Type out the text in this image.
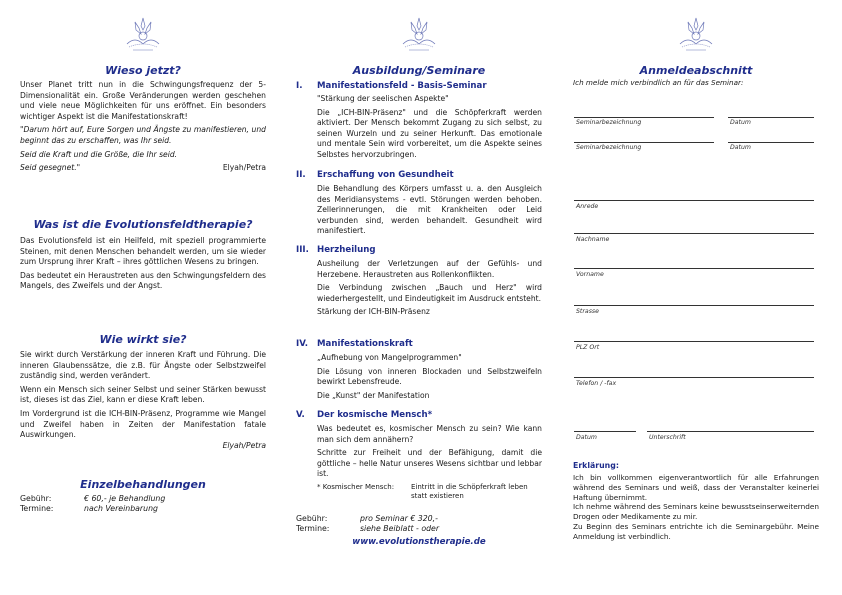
Wieso jetzt?

Unser Planet tritt nun in die Schwingungsfrequenz der 5-Dimensionalität ein. Große Veränderungen werden geschehen und viele neue Möglichkeiten für uns eröffnet. Ein besonders wichtiger Aspekt ist die Manifestationskraft!

"Darum hört auf, Eure Sorgen und Ängste zu manifestieren, und beginnt das zu erschaffen, was Ihr seid.

Seid die Kraft und die Größe, die Ihr seid.

Seid gesegnet."	Elyah/Petra
Was ist die Evolutionsfeldtherapie?

Das Evolutionsfeld ist ein Heilfeld, mit speziell programmierte Steinen, mit denen Menschen behandelt werden, um sie wieder zum Ursprung ihrer Kraft – ihres göttlichen Wesens zu bringen.

Das bedeutet ein Heraustreten aus den Schwingungsfeldern des Mangels, des Zweifels und der Angst.

Wie wirkt sie?

Sie wirkt durch Verstärkung der inneren Kraft und Führung. Die inneren Glaubenssätze, die z.B. für Ängste oder Selbstzweifel zuständig sind, werden verändert.

Wenn ein Mensch sich seiner Selbst und seiner Stärken bewusst ist, dieses ist das Ziel, kann er diese Kraft leben.

Im Vordergrund ist die ICH-BIN-Präsenz, Programme wie Mangel und Zweifel haben in Zeiten der Manifestation fatale Auswirkungen.

Elyah/Petra

Einzelbehandlungen
Gebühr:	€ 60,- je Behandlung
Termine:	nach Vereinbarung
Ausbildung/Seminare
I.	Manifestationsfeld - Basis-Seminar

"Stärkung der seelischen Aspekte"

Die „ICH-BIN-Präsenz" und die Schöpferkraft werden aktiviert. Der Mensch bekommt Zugang zu sich selbst, zu seinen Wurzeln und zu seiner Herkunft. Das emotionale und mentale Sein wird vorbereitet, um die Aspekte seines Selbstes hervorzubringen.

II.	Erschaffung von Gesundheit

Die Behandlung des Körpers umfasst u. a. den Ausgleich des Meridiansystems - evtl. Störungen werden behoben. Zellerinnerungen, die mit Krankheiten oder Leid verbunden sind, werden behandelt. Gesundheit wird manifestiert.

III. Herzheilung

Ausheilung der Verletzungen auf der Gefühls- und Herzebene. Heraustreten aus Rollenkonflikten.

Die Verbindung zwischen „Bauch und Herz" wird wiederhergestellt, und Eindeutigkeit im Ausdruck entsteht.

Stärkung der ICH-BIN-Präsenz

IV.	Manifestationskraft

„Aufhebung von Mangelprogrammen"

Die Lösung von inneren Blockaden und Selbstzweifeln bewirkt Lebensfreude.

Die „Kunst" der Manifestation

V.	Der kosmische Mensch*

Was bedeutet es, kosmischer Mensch zu sein? Wie kann man sich dem annähern?

Schritte zur Freiheit und der Befähigung, damit die göttliche – helle Natur unseres Wesens sichtbar und lebbar ist.

* Kosmischer Mensch:	Eintritt in die Schöpferkraft leben statt existieren
Gebühr:	pro Seminar € 320,-
Termine:	siehe Beiblatt - oder
www.evolutionstherapie.de
Anmeldeabschnitt
Ich melde mich verbindlich an für das Seminar:
Seminarbezeichnung	Datum
Seminarbezeichnung	Datum
Anrede
Nachname
Vorname
Strasse
PLZ Ort
Telefon / -fax
Datum	Unterschrift
Erklärung:

Ich bin vollkommen eigenverantwortlich für alle Erfahrungen während des Seminars und weiß, dass der Veranstalter keinerlei Haftung übernimmt.

Ich nehme während des Seminars keine bewusstseinserweiternden Drogen oder Medikamente zu mir.

Zu Beginn des Seminars entrichte ich die Seminargebühr. Meine Anmeldung ist verbindlich.
